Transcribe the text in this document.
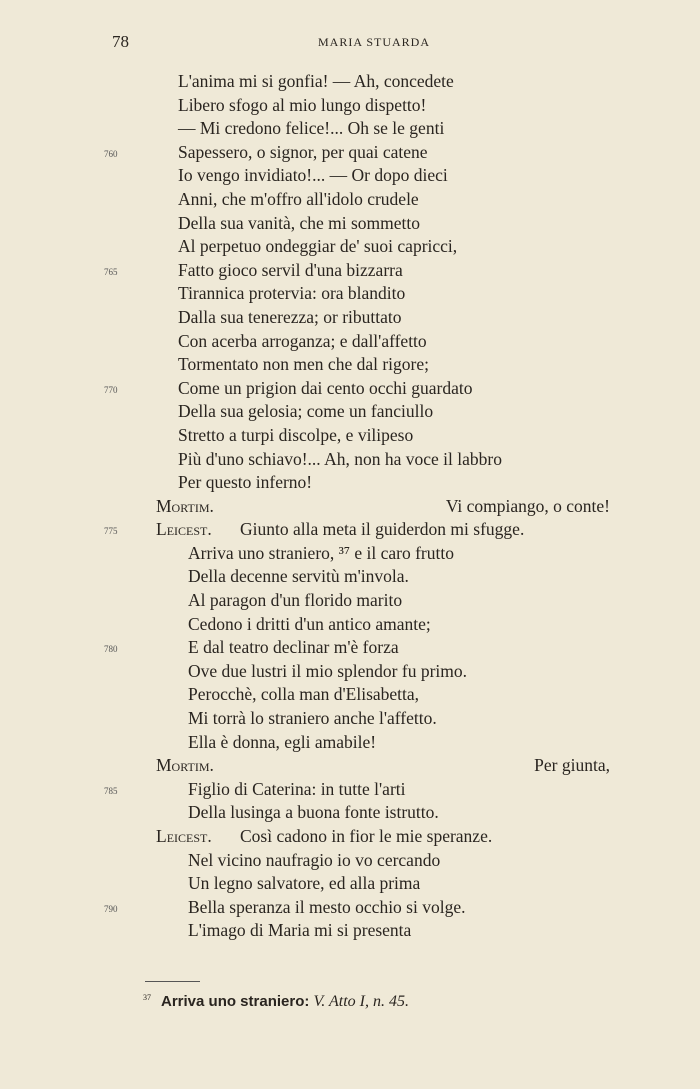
78	MARIA STUARDA
L'anima mi si gonfia! — Ah, concedete
Libero sfogo al mio lungo dispetto!
— Mi credono felice!... Oh se le genti
760	Sapessero, o signor, per quai catene
Io vengo invidiato!... — Or dopo dieci
Anni, che m'offro all'idolo crudele
Della sua vanità, che mi sommetto
Al perpetuo ondeggiar de' suoi capricci,
765	Fatto gioco servil d'una bizzarra
Tirannica protervia: ora blandito
Dalla sua tenerezza; or ributtato
Con acerba arroganza; e dall'affetto
Tormentato non men che dal rigore;
770	Come un prigion dai cento occhi guardato
Della sua gelosia; come un fanciullo
Stretto a turpi discolpe, e vilipeso
Più d'uno schiavo!... Ah, non ha voce il labbro
Per questo inferno!
Mortim.	Vi compiango, o conte!
775 Leicest. Giunto alla meta il guiderdon mi sfugge.
Arriva uno straniero, ³⁷ e il caro frutto
Della decenne servitù m'invola.
Al paragon d'un florido marito
Cedono i dritti d'un antico amante;
780	E dal teatro declinar m'è forza
Ove due lustri il mio splendor fu primo.
Perocchè, colla man d'Elisabetta,
Mi torrà lo straniero anche l'affetto.
Ella è donna, egli amabile!
Mortim.	Per giunta,
785	Figlio di Caterina: in tutte l'arti
Della lusinga a buona fonte istrutto.
Leicest. Così cadono in fior le mie speranze.
Nel vicino naufragio io vo cercando
Un legno salvatore, ed alla prima
790	Bella speranza il mesto occhio si volge.
L'imago di Maria mi si presenta
$^{37}$ Arriva uno straniero: V. Atto I, n. 45.
